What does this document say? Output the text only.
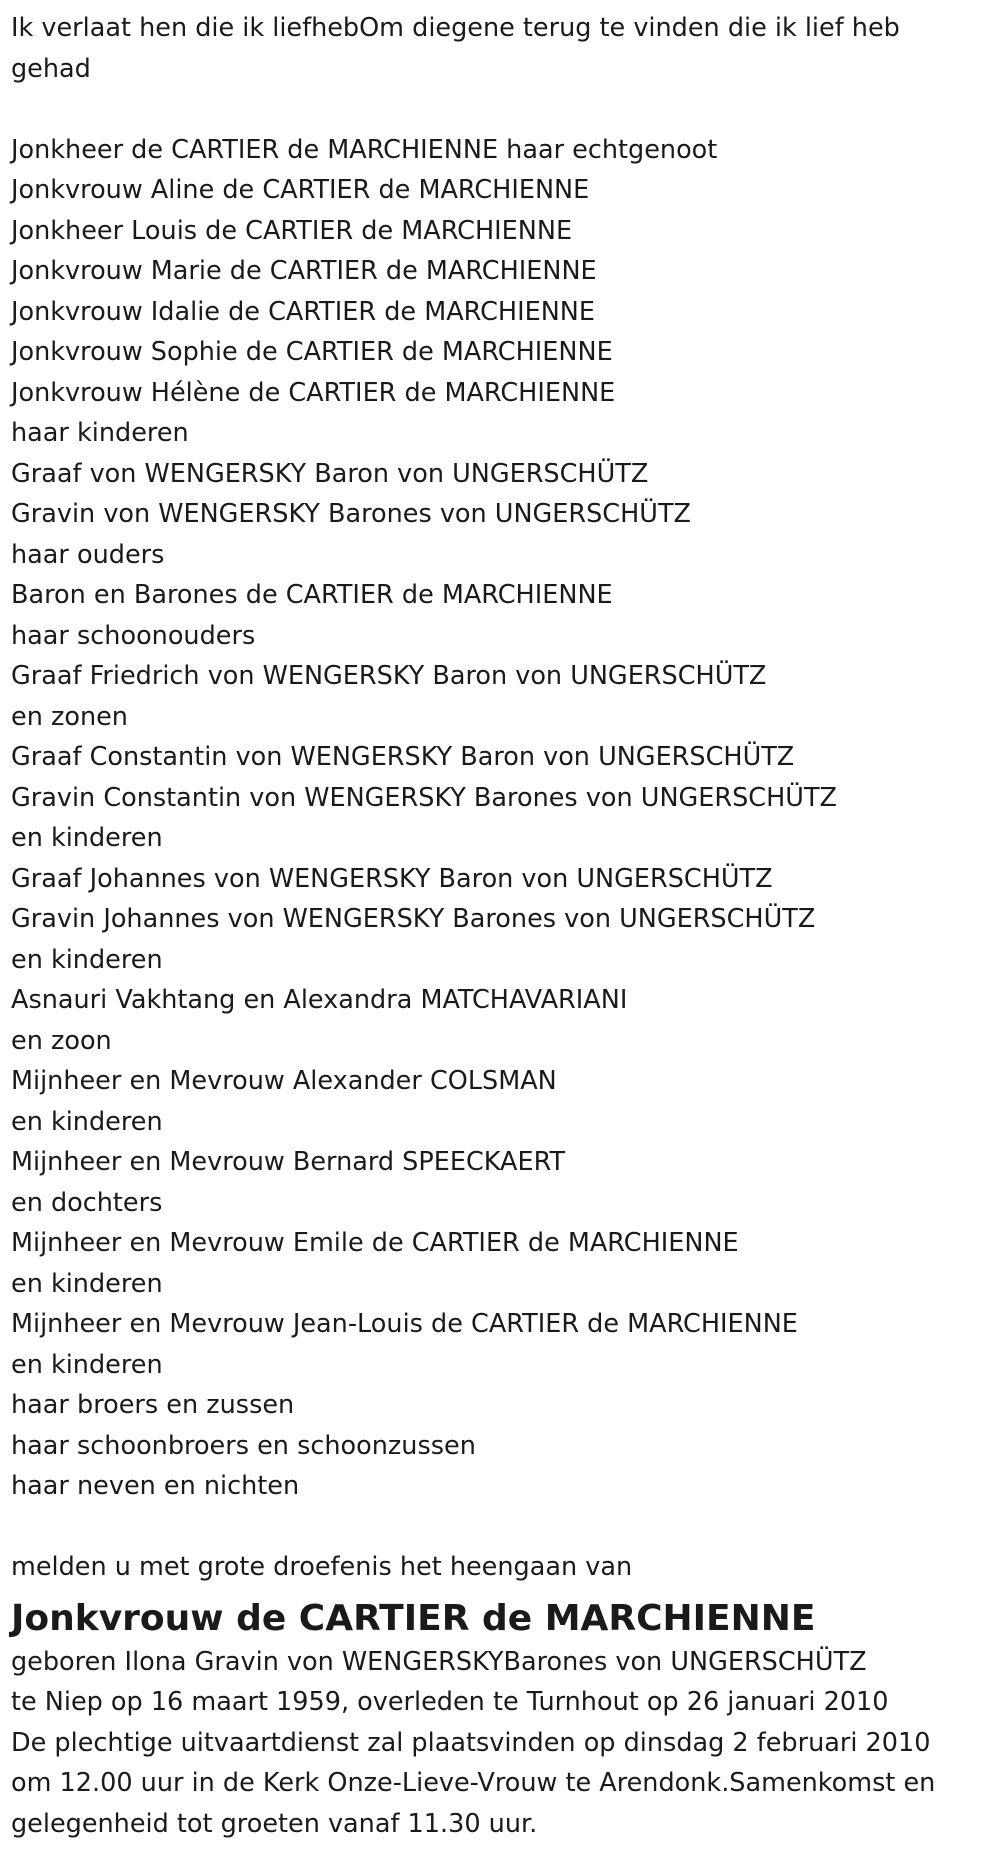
Ik verlaat hen die ik liefhebOm diegene terug te vinden die ik lief heb gehad
Jonkheer de CARTIER de MARCHIENNE haar echtgenoot
Jonkvrouw Aline de CARTIER de MARCHIENNE
Jonkheer Louis de CARTIER de MARCHIENNE
Jonkvrouw Marie de CARTIER de MARCHIENNE
Jonkvrouw Idalie de CARTIER de MARCHIENNE
Jonkvrouw Sophie de CARTIER de MARCHIENNE
Jonkvrouw Hélène de CARTIER de MARCHIENNE
haar kinderen
Graaf von WENGERSKY Baron von UNGERSCHÜTZ
Gravin von WENGERSKY Barones von UNGERSCHÜTZ
haar ouders
Baron en Barones de CARTIER de MARCHIENNE
haar schoonouders
Graaf Friedrich von WENGERSKY Baron von UNGERSCHÜTZ
en zonen
Graaf Constantin von WENGERSKY Baron von UNGERSCHÜTZ
Gravin Constantin von WENGERSKY Barones von UNGERSCHÜTZ
en kinderen
Graaf Johannes von WENGERSKY Baron von UNGERSCHÜTZ
Gravin Johannes von WENGERSKY Barones von UNGERSCHÜTZ
en kinderen
Asnauri Vakhtang en Alexandra MATCHAVARIANI
en zoon
Mijnheer en Mevrouw Alexander COLSMAN
en kinderen
Mijnheer en Mevrouw Bernard SPEECKAERT
en dochters
Mijnheer en Mevrouw Emile de CARTIER de MARCHIENNE
en kinderen
Mijnheer en Mevrouw Jean-Louis de CARTIER de MARCHIENNE
en kinderen
haar broers en zussen
haar schoonbroers en schoonzussen
haar neven en nichten
melden u met grote droefenis het heengaan van
Jonkvrouw de CARTIER de MARCHIENNE
geboren Ilona Gravin von WENGERSKYBarones von UNGERSCHÜTZ
te Niep op 16 maart 1959, overleden te Turnhout op 26 januari 2010
De plechtige uitvaartdienst zal plaatsvinden op dinsdag 2 februari 2010 om 12.00 uur in de Kerk Onze-Lieve-Vrouw te Arendonk.Samenkomst en gelegenheid tot groeten vanaf 11.30 uur.
